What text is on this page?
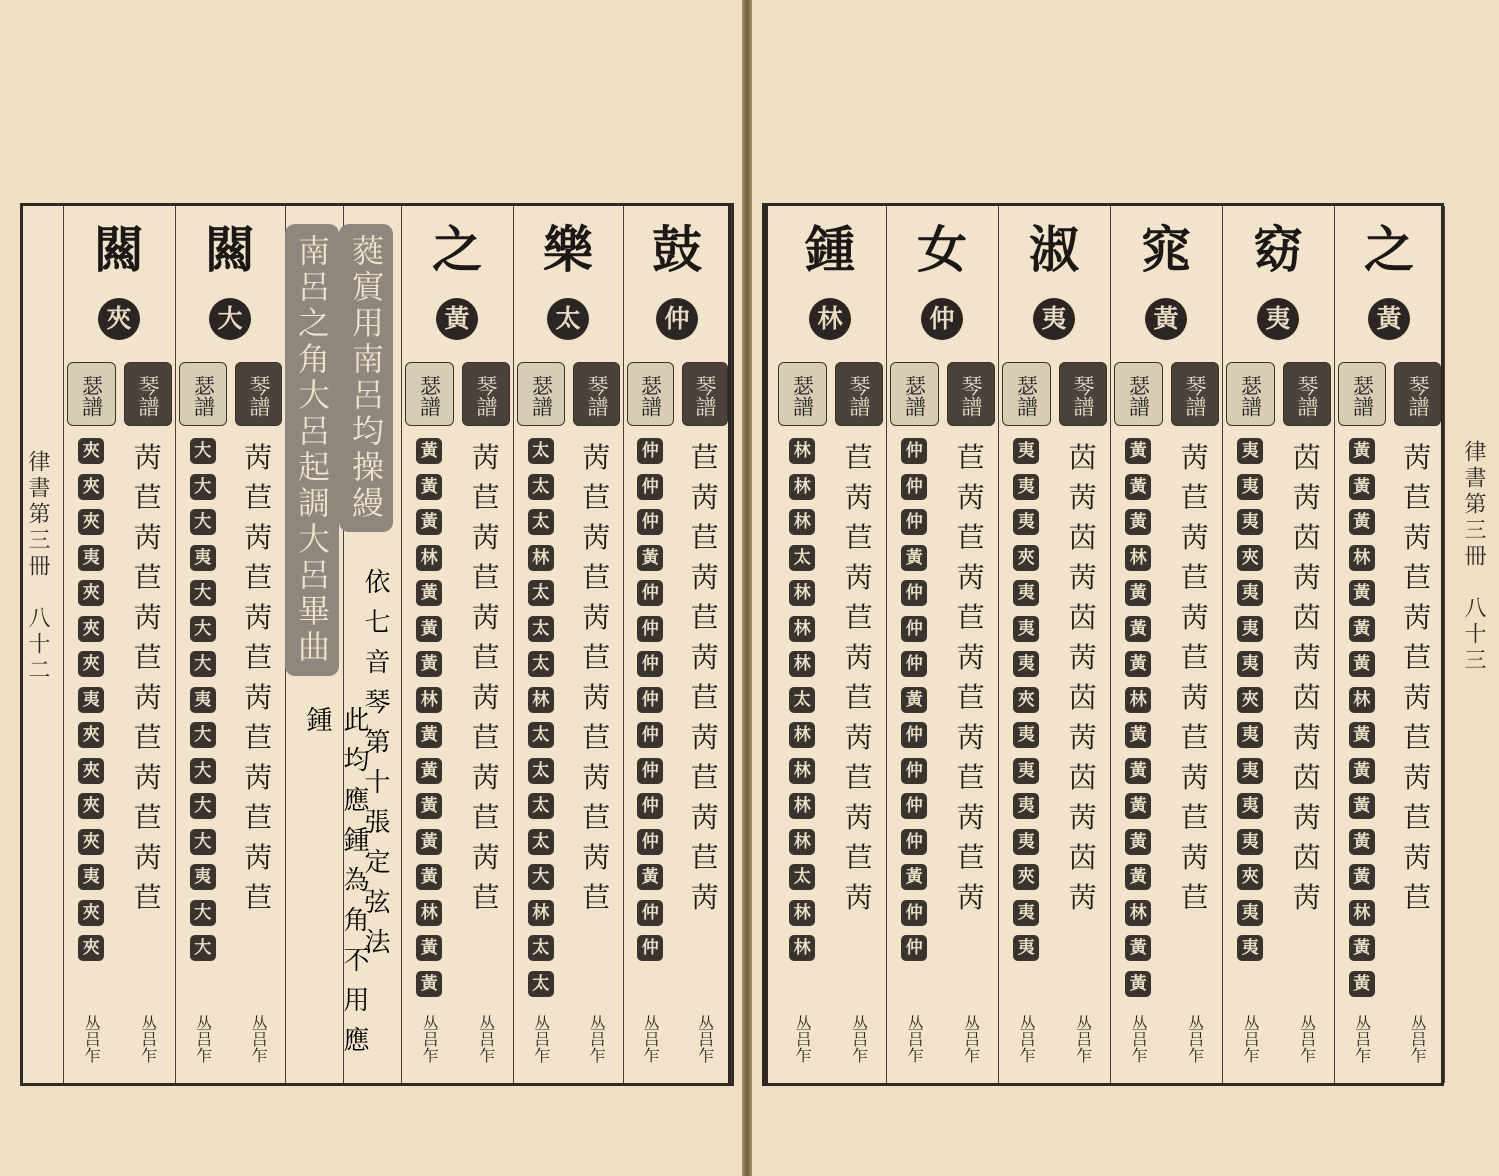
鼓
仲
瑟譜
仲
仲
仲
黃
仲
仲
仲
仲
仲
仲
仲
仲
黃
仲
仲
丛吕乍
琴譜
苣
苪
苣
苪
苣
苪
苣
苪
苣
苪
苣
苪
丛吕乍
樂
太
瑟譜
太
太
太
林
太
太
太
林
太
太
太
太
大
林
太
太
丛吕乍
琴譜
苪
苣
苪
苣
苪
苣
苪
苣
苪
苣
苪
苣
丛吕乍
之
黃
瑟譜
黃
黃
黃
林
黃
黃
黃
林
黃
黃
黃
黃
黃
林
黃
黃
丛吕乍
琴譜
苪
苣
苪
苣
苪
苣
苪
苣
苪
苣
苪
苣
丛吕乍
依七音琴第十張定弦法
此均應鍾為角不用應鍾
闗
大
瑟譜
大
大
大
夷
大
大
大
夷
大
大
大
大
夷
大
大
丛吕乍
琴譜
苪
苣
苪
苣
苪
苣
苪
苣
苪
苣
苪
苣
丛吕乍
闗
夾
瑟譜
夾
夾
夾
夷
夾
夾
夾
夷
夾
夾
夾
夾
夷
夾
夾
丛吕乍
琴譜
苪
苣
苪
苣
苪
苣
苪
苣
苪
苣
苪
苣
丛吕乍
蕤賔用南呂均操縵
南呂之角大呂起調大呂畢曲
律書第三冊　八十二
之
黃
瑟譜
黃
黃
黃
林
黃
黃
黃
林
黃
黃
黃
黃
黃
林
黃
黃
丛吕乍
琴譜
苪
苣
苪
苣
苪
苣
苪
苣
苪
苣
苪
苣
丛吕乍
窈
夷
瑟譜
夷
夷
夷
夾
夷
夷
夷
夾
夷
夷
夷
夷
夾
夷
夷
丛吕乍
琴譜
苬
苪
苬
苪
苬
苪
苬
苪
苬
苪
苬
苪
丛吕乍
窕
黃
瑟譜
黃
黃
黃
林
黃
黃
黃
林
黃
黃
黃
黃
黃
林
黃
黃
丛吕乍
琴譜
苪
苣
苪
苣
苪
苣
苪
苣
苪
苣
苪
苣
丛吕乍
淑
夷
瑟譜
夷
夷
夷
夾
夷
夷
夷
夾
夷
夷
夷
夷
夾
夷
夷
丛吕乍
琴譜
苬
苪
苬
苪
苬
苪
苬
苪
苬
苪
苬
苪
丛吕乍
女
仲
瑟譜
仲
仲
仲
黃
仲
仲
仲
黃
仲
仲
仲
仲
黃
仲
仲
丛吕乍
琴譜
苣
苪
苣
苪
苣
苪
苣
苪
苣
苪
苣
苪
丛吕乍
鍾
林
瑟譜
林
林
林
太
林
林
林
太
林
林
林
林
太
林
林
丛吕乍
琴譜
苣
苪
苣
苪
苣
苪
苣
苪
苣
苪
苣
苪
丛吕乍
律書第三冊　八十三
